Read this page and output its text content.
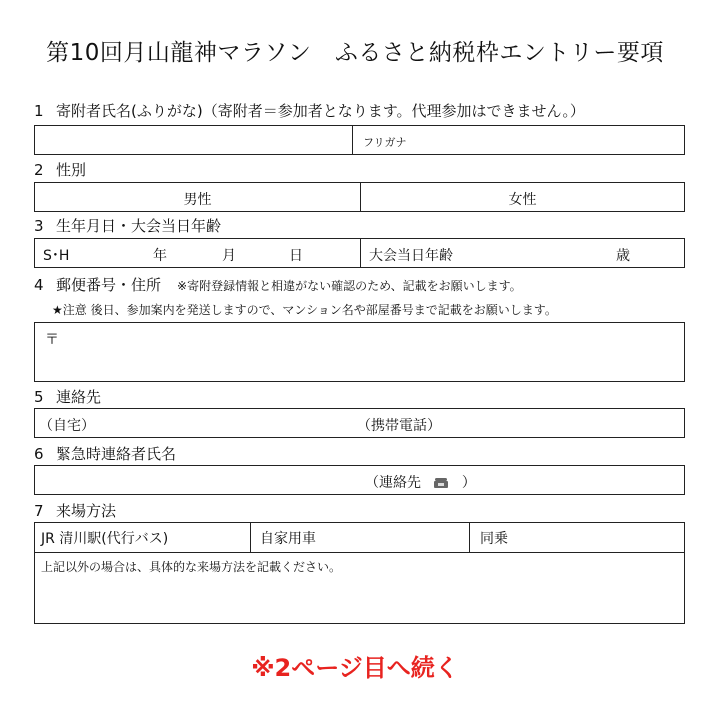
第10回月山龍神マラソン　ふるさと納税枠エントリー要項
1 寄附者氏名(ふりがな)（寄附者＝参加者となります。代理参加はできません。）
フリガナ
2 性別
男性	女性
3 生年月日・大会当日年齢
S･H	年	月	日	大会当日年齢	歳
4 郵便番号・住所 ※寄附登録情報と相違がない確認のため、記載をお願いします。
★注意 後日、参加案内を発送しますので、マンション名や部屋番号まで記載をお願いします。
〒
5 連絡先
（自宅）	（携帯電話）
6 緊急時連絡者氏名
（連絡先	）
7 来場方法
JR 清川駅(代行バス)	自家用車	同乗
上記以外の場合は、具体的な来場方法を記載ください。
※2ページ目へ続く
